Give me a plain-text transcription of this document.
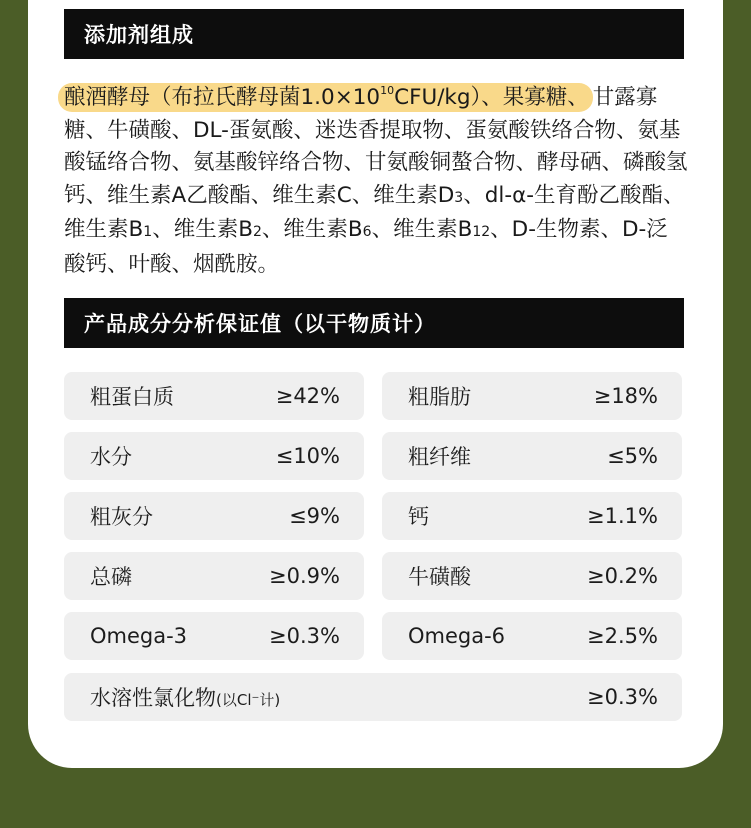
添加剂组成

酿酒酵母（布拉氏酵母菌$1.0\times 10^{10}CFU/kg$）、果寡糖、 甘露寡糖、牛磺酸、DL-蛋氨酸、迷迭香提取物、蛋氨酸铁络合物、氨基酸锰络合物、氨基酸锌络合物、甘氨酸铜螯合物、酵母硒、磷酸氢钙、维生素A乙酸酯、维生素C、维生素D3、dl-α-生育酚乙酸酯、维生素B1、维生素B2、维生素B6、维生素B12、D-生物素、D-泛酸钙、叶酸、烟酰胺。

产品成分分析保证值（以干物质计）
粗蛋白质	≥42%	粗脂肪	≥18%
水分	≤10%	粗纤维	≤5%
粗灰分	≤9%	钙	≥1.1%
总磷	≥0.9%	牛磺酸	≥0.2%
Omega-3	≥0.3%	Omega-6	≥2.5%
水溶性氯化物(以Cl⁻计)	≥0.3%
